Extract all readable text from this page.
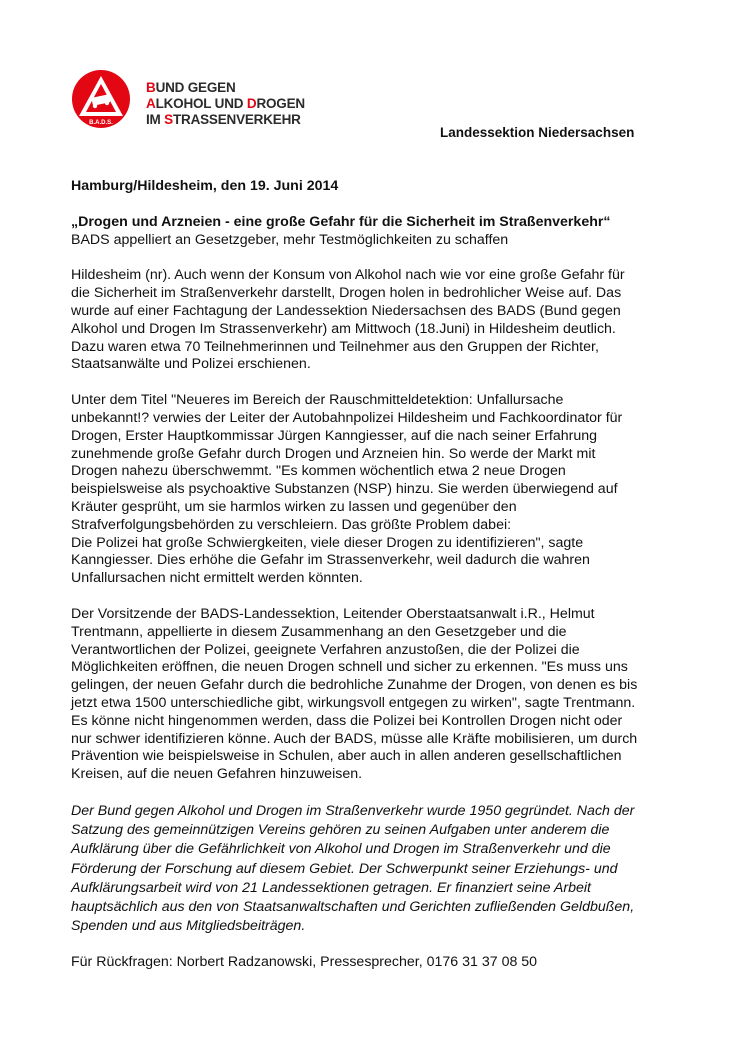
B.A.D.S.
BUND GEGEN
ALKOHOL UND DROGEN
IM STRASSENVERKEHR
Landessektion Niedersachsen

Hamburg/Hildesheim, den 19. Juni 2014

„Drogen und Arzneien - eine große Gefahr für die Sicherheit im Straßenverkehr“

BADS appelliert an Gesetzgeber, mehr Testmöglichkeiten zu schaffen

Hildesheim (nr). Auch wenn der Konsum von Alkohol nach wie vor eine große Gefahr für
die Sicherheit im Straßenverkehr darstellt, Drogen holen in bedrohlicher Weise auf. Das
wurde auf einer Fachtagung der Landessektion Niedersachsen des BADS (Bund gegen
Alkohol und Drogen Im Strassenverkehr) am Mittwoch (18.Juni) in Hildesheim deutlich.
Dazu waren etwa 70 Teilnehmerinnen und Teilnehmer aus den Gruppen der Richter,
Staatsanwälte und Polizei erschienen.

Unter dem Titel "Neueres im Bereich der Rauschmitteldetektion: Unfallursache
unbekannt!? verwies der Leiter der Autobahnpolizei Hildesheim und Fachkoordinator für
Drogen, Erster Hauptkommissar Jürgen Kanngiesser, auf die nach seiner Erfahrung
zunehmende große Gefahr durch Drogen und Arzneien hin. So werde der Markt mit
Drogen nahezu überschwemmt. "Es kommen wöchentlich etwa 2 neue Drogen
beispielsweise als psychoaktive Substanzen (NSP) hinzu. Sie werden überwiegend auf
Kräuter gesprüht, um sie harmlos wirken zu lassen und gegenüber den
Strafverfolgungsbehörden zu verschleiern. Das größte Problem dabei:
Die Polizei hat große Schwiergkeiten, viele dieser Drogen zu identifizieren", sagte
Kanngiesser. Dies erhöhe die Gefahr im Strassenverkehr, weil dadurch die wahren
Unfallursachen nicht ermittelt werden könnten.

Der Vorsitzende der BADS-Landessektion, Leitender Oberstaatsanwalt i.R., Helmut
Trentmann, appellierte in diesem Zusammenhang an den Gesetzgeber und die
Verantwortlichen der Polizei, geeignete Verfahren anzustoßen, die der Polizei die
Möglichkeiten eröffnen, die neuen Drogen schnell und sicher zu erkennen. "Es muss uns
gelingen, der neuen Gefahr durch die bedrohliche Zunahme der Drogen, von denen es bis
jetzt etwa 1500 unterschiedliche gibt, wirkungsvoll entgegen zu wirken", sagte Trentmann.
Es könne nicht hingenommen werden, dass die Polizei bei Kontrollen Drogen nicht oder
nur schwer identifizieren könne. Auch der BADS, müsse alle Kräfte mobilisieren, um durch
Prävention wie beispielsweise in Schulen, aber auch in allen anderen gesellschaftlichen
Kreisen, auf die neuen Gefahren hinzuweisen.

Der Bund gegen Alkohol und Drogen im Straßenverkehr wurde 1950 gegründet. Nach der
Satzung des gemeinnützigen Vereins gehören zu seinen Aufgaben unter anderem die
Aufklärung über die Gefährlichkeit von Alkohol und Drogen im Straßenverkehr und die
Förderung der Forschung auf diesem Gebiet. Der Schwerpunkt seiner Erziehungs- und
Aufklärungsarbeit wird von 21 Landessektionen getragen. Er finanziert seine Arbeit
hauptsächlich aus den von Staatsanwaltschaften und Gerichten zufließenden Geldbußen,
Spenden und aus Mitgliedsbeiträgen.

Für Rückfragen: Norbert Radzanowski, Pressesprecher, 0176 31 37 08 50
